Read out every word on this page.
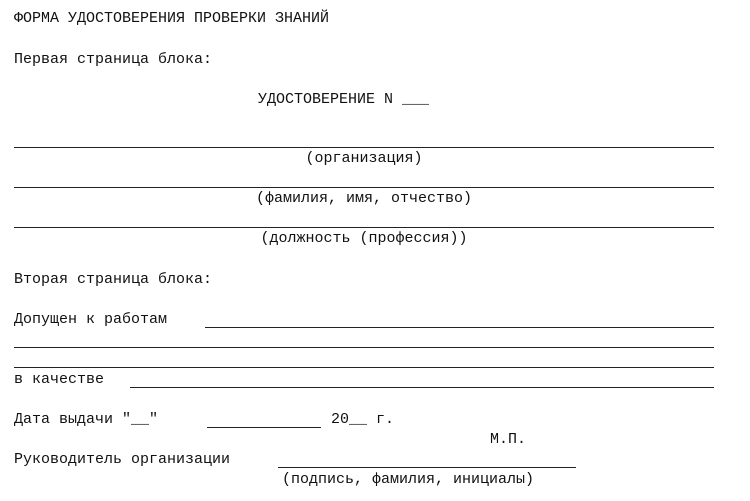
ФОРМА УДОСТОВЕРЕНИЯ ПРОВЕРКИ ЗНАНИЙ
Первая страница блока:
УДОСТОВЕРЕНИЕ N ___
(организация)
(фамилия, имя, отчество)
(должность (профессия))
Вторая страница блока:
Допущен к работам
в качестве
Дата выдачи "__"	20__ г.
М.П.
Руководитель организации
(подпись, фамилия, инициалы)
